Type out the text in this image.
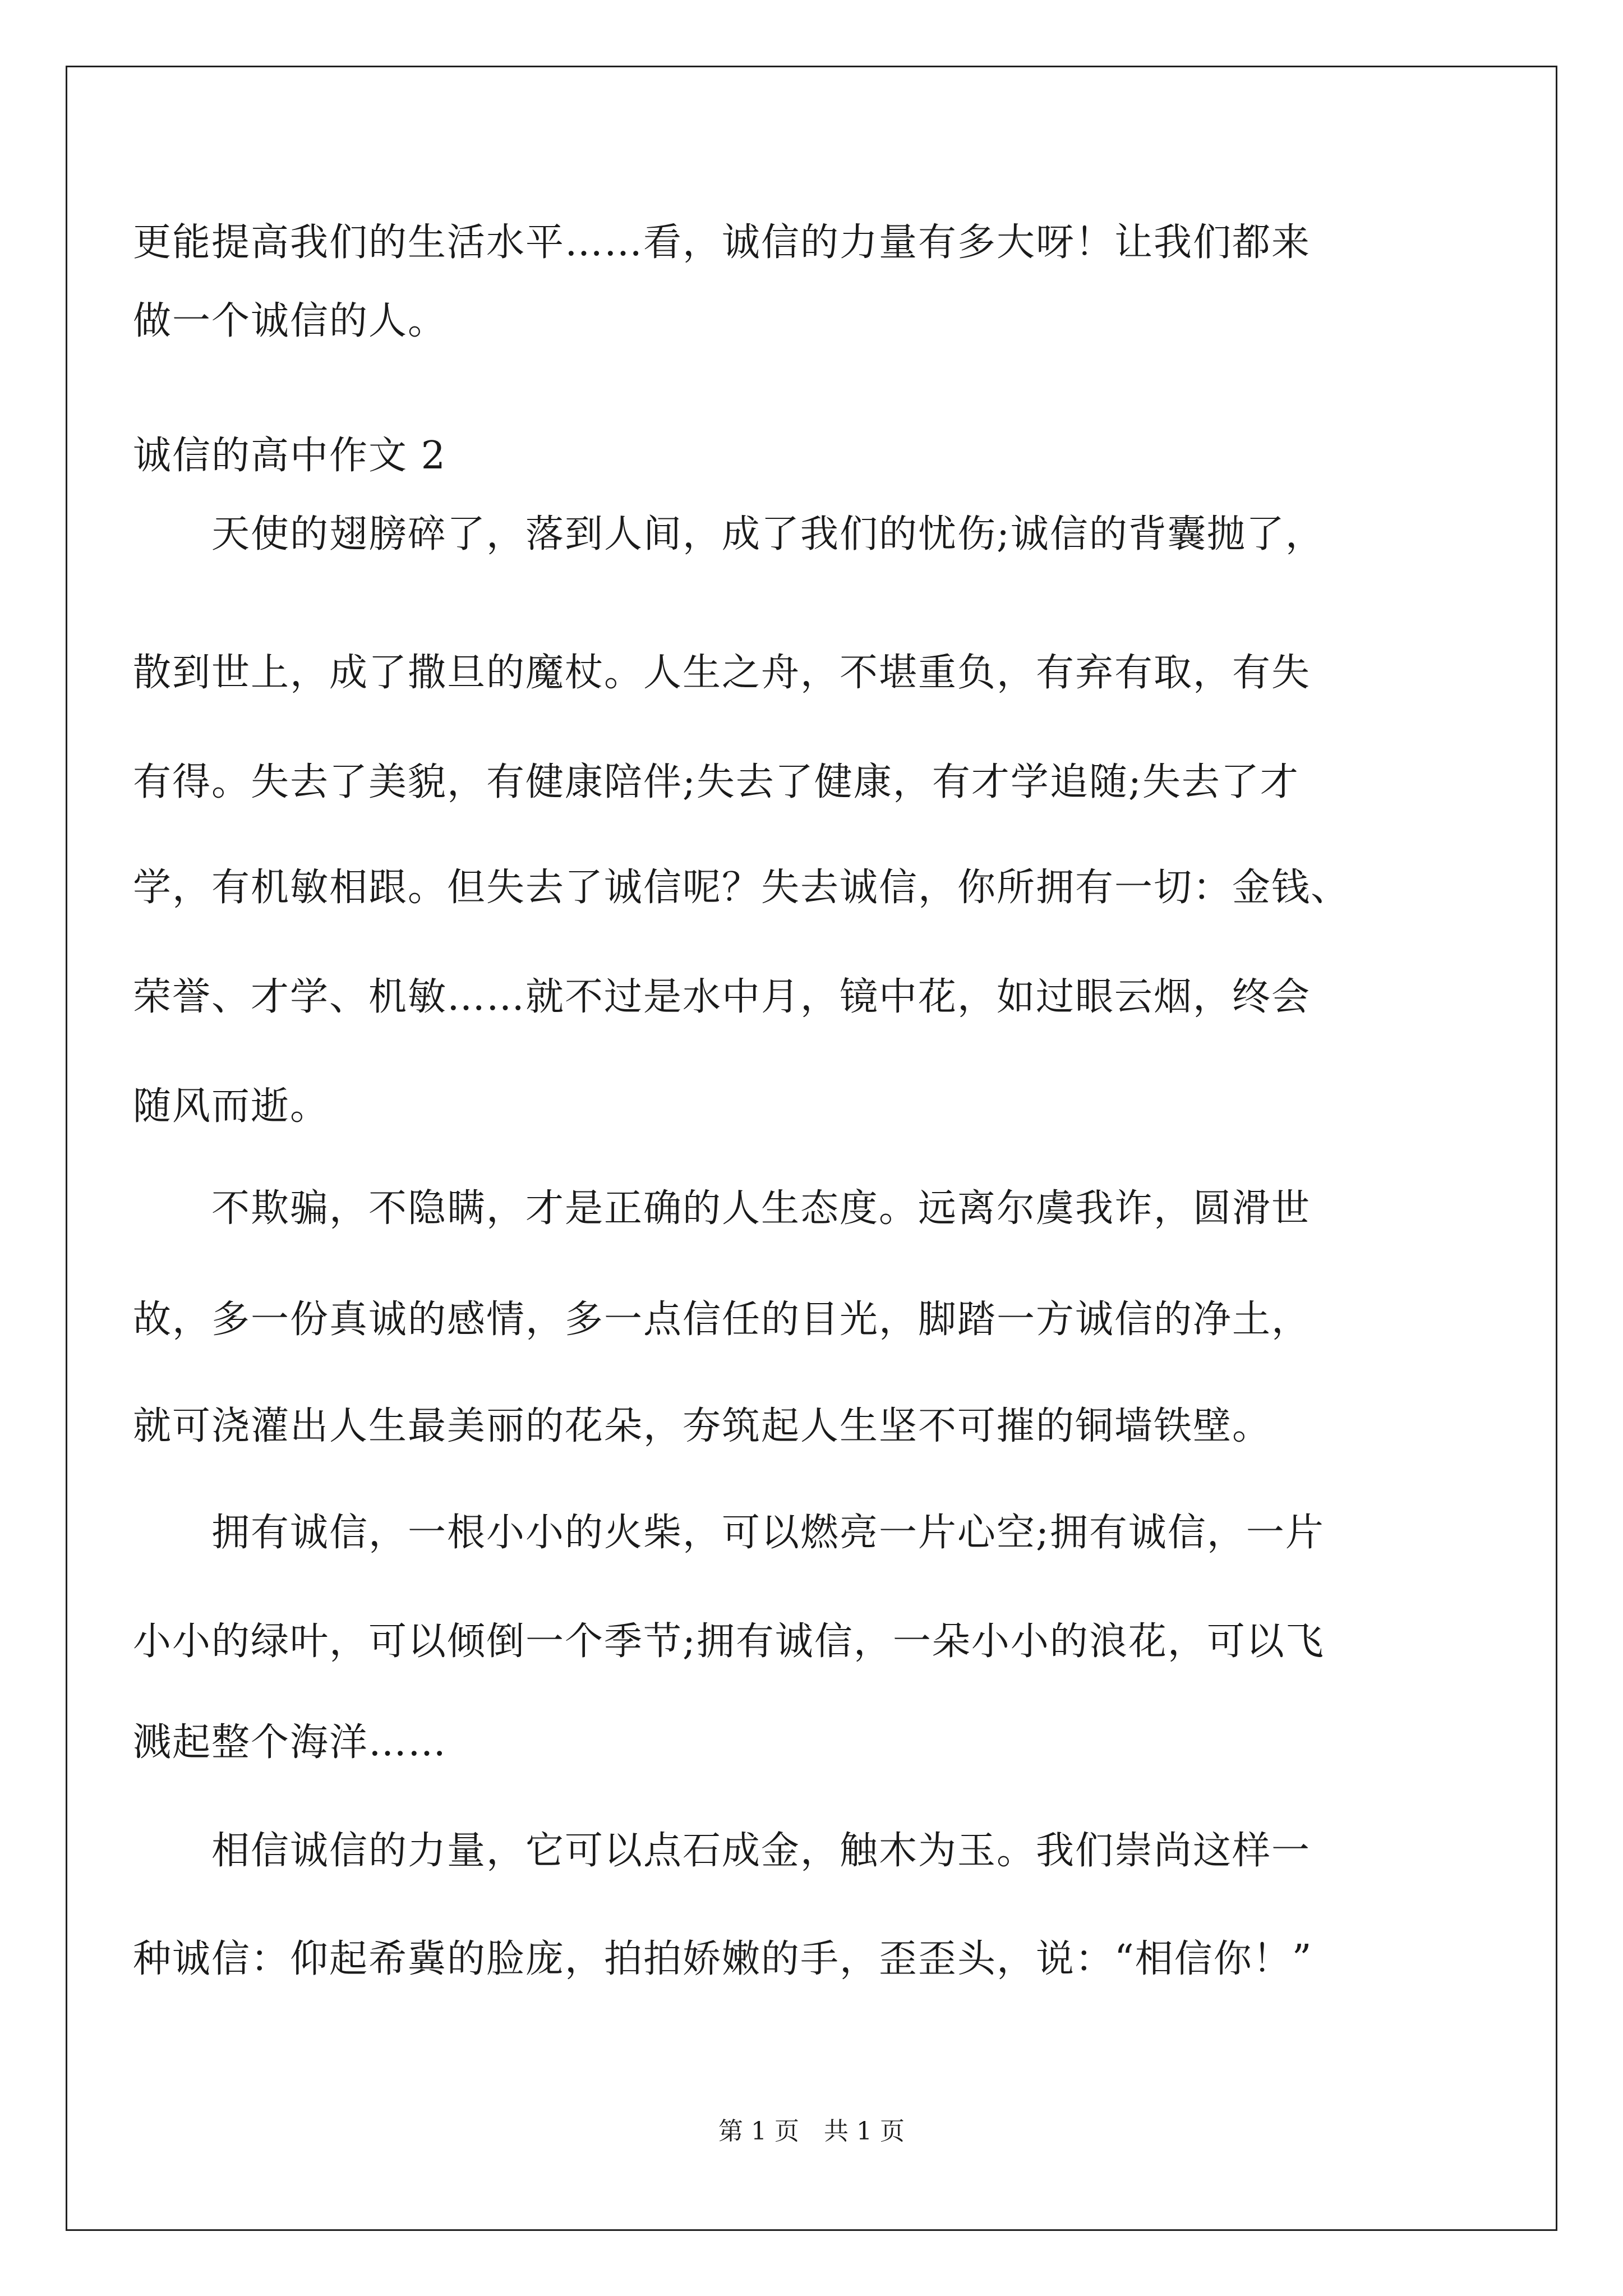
更能提高我们的生活水平……看，诚信的力量有多大呀！让我们都来
做一个诚信的人。
诚信的高中作文 2
　　天使的翅膀碎了，落到人间，成了我们的忧伤;诚信的背囊抛了，
散到世上，成了撒旦的魔杖。人生之舟，不堪重负，有弃有取，有失
有得。失去了美貌，有健康陪伴;失去了健康，有才学追随;失去了才
学，有机敏相跟。但失去了诚信呢？失去诚信，你所拥有一切：金钱、
荣誉、才学、机敏……就不过是水中月，镜中花，如过眼云烟，终会
随风而逝。
　　不欺骗，不隐瞒，才是正确的人生态度。远离尔虞我诈，圆滑世
故，多一份真诚的感情，多一点信任的目光，脚踏一方诚信的净土，
就可浇灌出人生最美丽的花朵，夯筑起人生坚不可摧的铜墙铁壁。
　　拥有诚信，一根小小的火柴，可以燃亮一片心空;拥有诚信，一片
小小的绿叶，可以倾倒一个季节;拥有诚信，一朵小小的浪花，可以飞
溅起整个海洋……
　　相信诚信的力量，它可以点石成金，触木为玉。我们崇尚这样一
种诚信：仰起希冀的脸庞，拍拍娇嫩的手，歪歪头，说：“相信你！”
第 1 页　共 1 页
